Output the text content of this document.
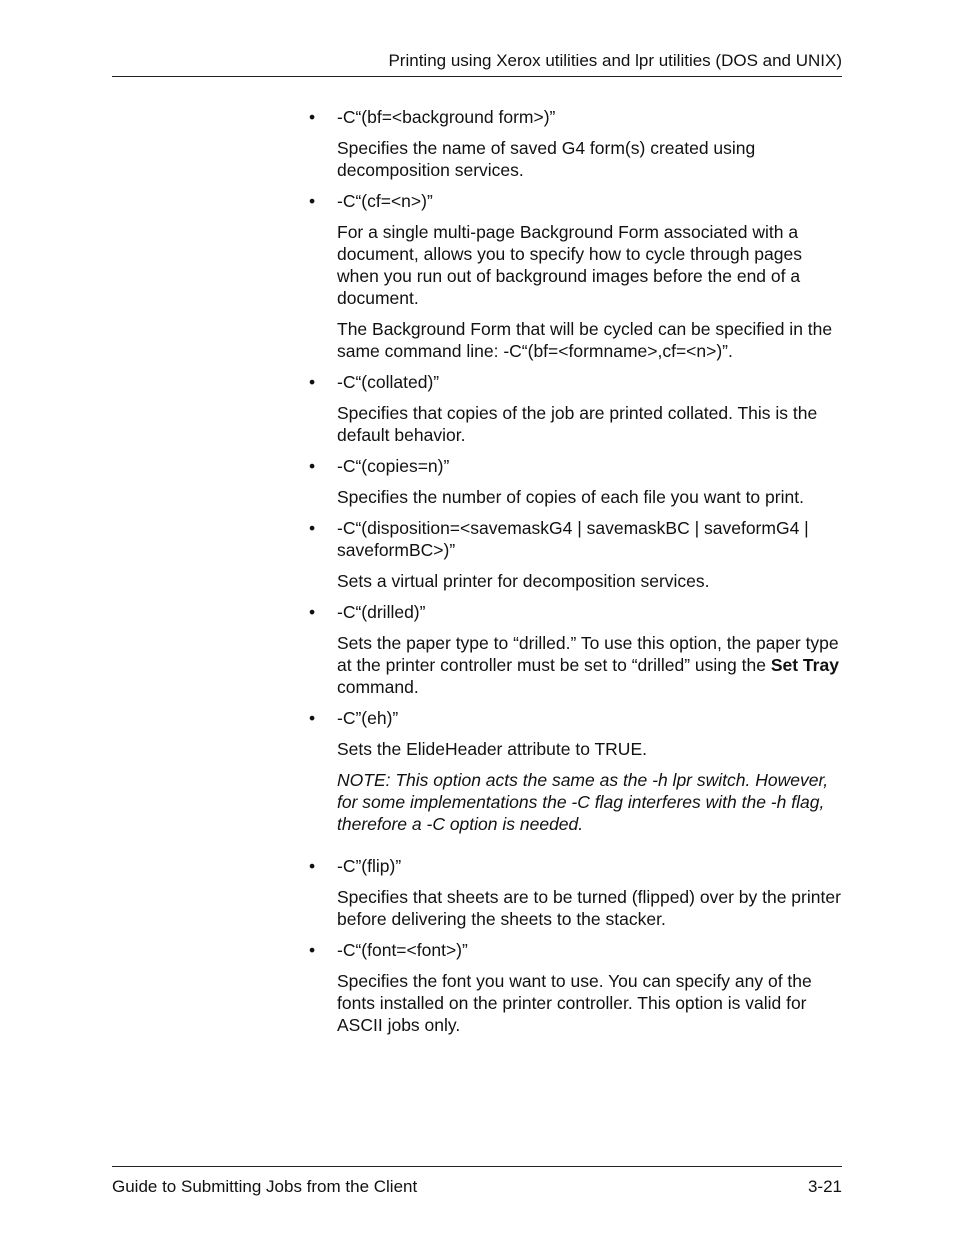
Printing using Xerox utilities and lpr utilities (DOS and UNIX)

• -C“(bf=<background form>)”

Specifies the name of saved G4 form(s) created using decomposition services.

• -C“(cf=<n>)”

For a single multi-page Background Form associated with a document, allows you to specify how to cycle through pages when you run out of background images before the end of a document.

The Background Form that will be cycled can be specified in the same command line: -C“(bf=<formname>,cf=<n>)”.

• -C“(collated)”

Specifies that copies of the job are printed collated. This is the default behavior.

• -C“(copies=n)”

Specifies the number of copies of each file you want to print.

• -C“(disposition=<savemaskG4 | savemaskBC | saveformG4 | saveformBC>)”

Sets a virtual printer for decomposition services.

• -C“(drilled)”

Sets the paper type to “drilled.” To use this option, the paper type at the printer controller must be set to “drilled” using the Set Tray command.

• -C”(eh)”

Sets the ElideHeader attribute to TRUE.

NOTE: This option acts the same as the -h lpr switch. However, for some implementations the -C flag interferes with the -h flag, therefore a -C option is needed.

• -C”(flip)”

Specifies that sheets are to be turned (flipped) over by the printer before delivering the sheets to the stacker.

• -C“(font=<font>)”

Specifies the font you want to use. You can specify any of the fonts installed on the printer controller. This option is valid for ASCII jobs only.

Guide to Submitting Jobs from the Client	3-21
